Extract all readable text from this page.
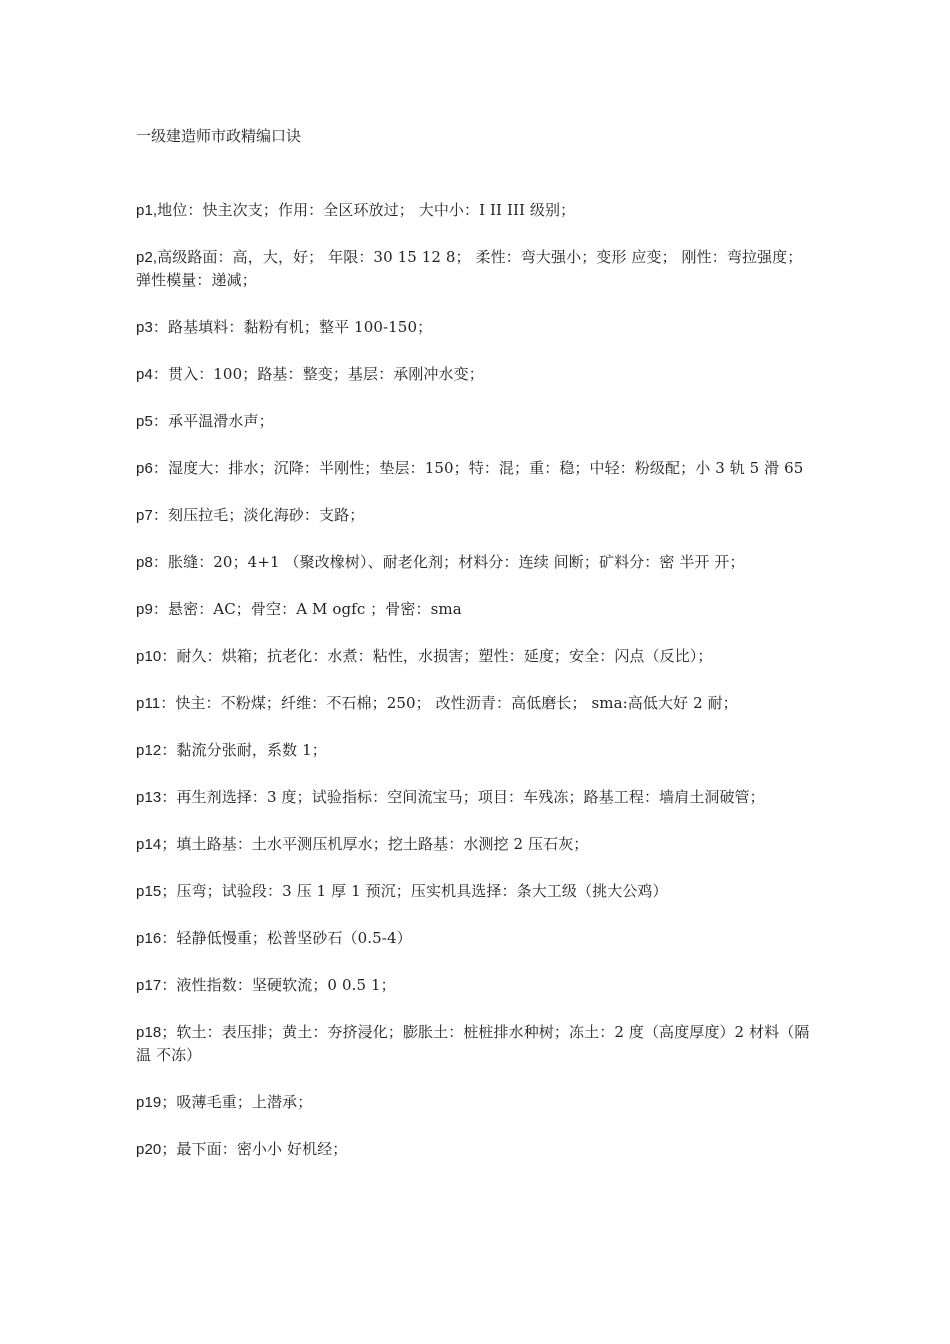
一级建造师市政精编口诀

p1,地位：快主次支；作用：全区环放过； 大中小：I II III 级别；

p2,高级路面：高，大，好； 年限：30 15 12 8； 柔性：弯大强小；变形 应变； 刚性：弯拉强度；弹性模量：递减；

p3：路基填料：黏粉有机；整平 100-150；

p4：贯入：100；路基：整变；基层：承刚冲水变；

p5：承平温滑水声；

p6：湿度大：排水；沉降：半刚性；垫层：150；特：混；重：稳；中轻：粉级配；小 3 轨 5 滑 65

p7：刻压拉毛；淡化海砂：支路；

p8：胀缝：20；4+1 （聚改橡树）、耐老化剂；材料分：连续 间断；矿料分：密 半开 开；

p9：悬密：AC；骨空：A M ogfc ；骨密：sma

p10：耐久：烘箱；抗老化：水煮：粘性，水损害；塑性：延度；安全：闪点（反比）；

p11：快主：不粉煤；纤维：不石棉；250； 改性沥青：高低磨长； sma:高低大好 2 耐；

p12：黏流分张耐，系数 1；

p13：再生剂选择：3 度；试验指标：空间流宝马；项目：车残冻；路基工程：墙肩土洞破管；

p14；填土路基：土水平测压机厚水；挖土路基：水测挖 2 压石灰；

p15；压弯；试验段：3 压 1 厚 1 预沉；压实机具选择：条大工级（挑大公鸡）

p16：轻静低慢重；松普坚砂石（0.5-4）

p17：液性指数：坚硬软流；0 0.5 1；

p18；软土：表压排；黄土：夯挤浸化；膨胀土：桩桩排水种树；冻土：2 度（高度厚度）2 材料（隔温 不冻）

p19；吸薄毛重；上潜承；

p20；最下面：密小小 好机经；
